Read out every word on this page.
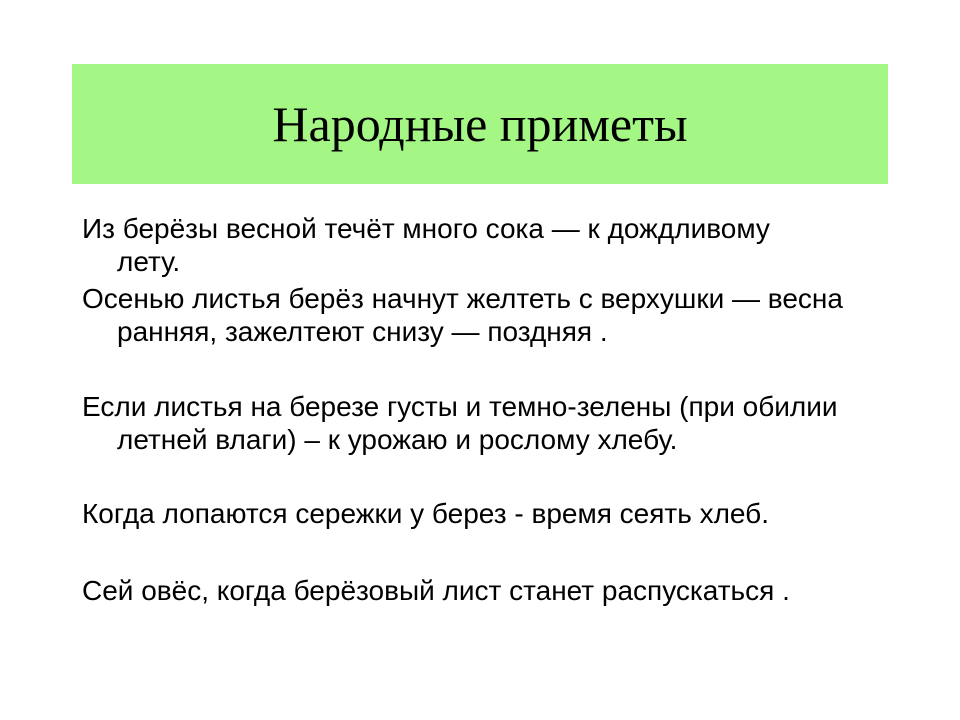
Народные приметы
Из берёзы весной течёт много сока — к дождливому
лету.
Осенью листья берёз начнут желтеть с верхушки — весна
ранняя, зажелтеют снизу — поздняя .
Если листья на березе густы и темно-зелены (при обилии
летней влаги) – к урожаю и рослому хлебу.
Когда лопаются сережки у берез - время сеять хлеб.
Сей овёс, когда берёзовый лист станет распускаться .
